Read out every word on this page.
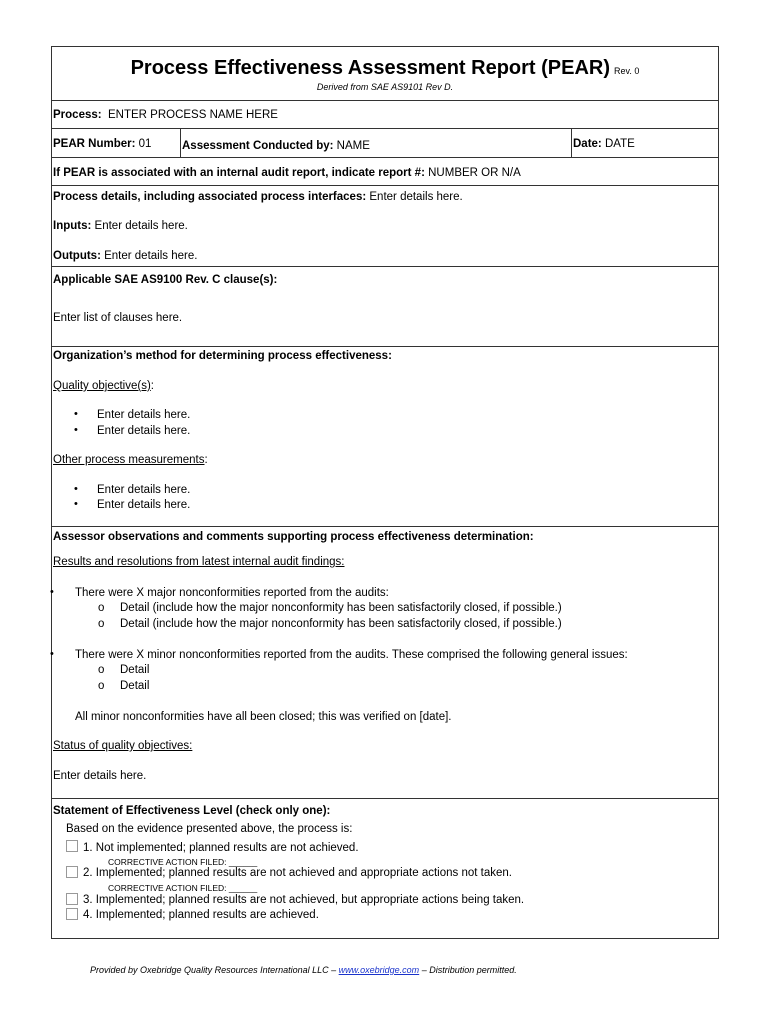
Process Effectiveness Assessment Report (PEAR) Rev. 0
Derived from SAE AS9101 Rev D.
Process: ENTER PROCESS NAME HERE
PEAR Number: 01	Assessment Conducted by: NAME	Date: DATE
If PEAR is associated with an internal audit report, indicate report #: NUMBER OR N/A
Process details, including associated process interfaces: Enter details here.
Inputs: Enter details here.
Outputs: Enter details here.
Applicable SAE AS9100 Rev. C clause(s):
Enter list of clauses here.
Organization’s method for determining process effectiveness:
Quality objective(s):
• Enter details here.
• Enter details here.
Other process measurements:
• Enter details here.
• Enter details here.
Assessor observations and comments supporting process effectiveness determination:
Results and resolutions from latest internal audit findings:
• There were X major nonconformities reported from the audits:
o Detail (include how the major nonconformity has been satisfactorily closed, if possible.)
o Detail (include how the major nonconformity has been satisfactorily closed, if possible.)
• There were X minor nonconformities reported from the audits. These comprised the following general issues:
o Detail
o Detail
All minor nonconformities have all been closed; this was verified on [date].
Status of quality objectives:
Enter details here.
Statement of Effectiveness Level (check only one):
Based on the evidence presented above, the process is:
1. Not implemented; planned results are not achieved.
CORRECTIVE ACTION FILED: ______
2. Implemented; planned results are not achieved and appropriate actions not taken.
CORRECTIVE ACTION FILED: ______
3. Implemented; planned results are not achieved, but appropriate actions being taken.
4. Implemented; planned results are achieved.
Provided by Oxebridge Quality Resources International LLC – www.oxebridge.com – Distribution permitted.
